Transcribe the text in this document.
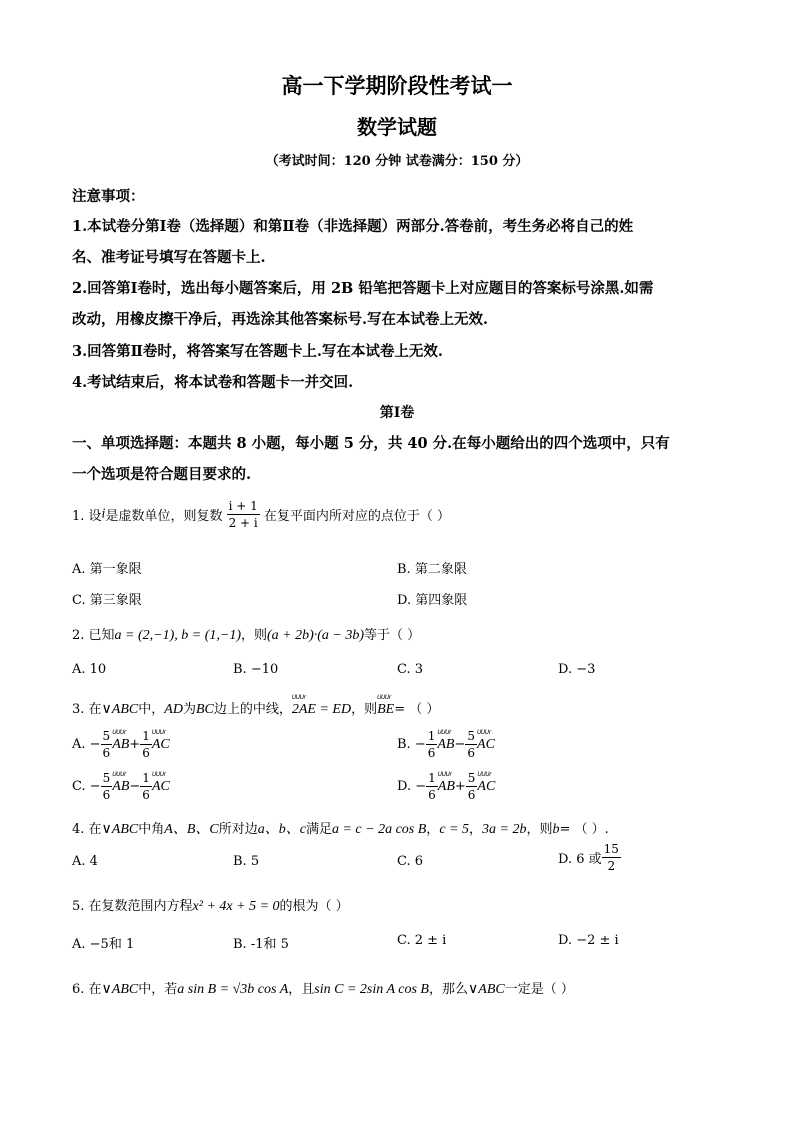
高一下学期阶段性考试一
数学试题
（考试时间：120 分钟 试卷满分：150 分）
注意事项：
1.本试卷分第Ⅰ卷（选择题）和第Ⅱ卷（非选择题）两部分.答卷前，考生务必将自己的姓
名、准考证号填写在答题卡上.
2.回答第Ⅰ卷时，选出每小题答案后，用 2B 铅笔把答题卡上对应题目的答案标号涂黑.如需
改动，用橡皮擦干净后，再选涂其他答案标号.写在本试卷上无效.
3.回答第Ⅱ卷时，将答案写在答题卡上.写在本试卷上无效.
4.考试结束后，将本试卷和答题卡一并交回.
第Ⅰ卷
一、单项选择题：本题共 8 小题，每小题 5 分，共 40 分.在每小题给出的四个选项中，只有
一个选项是符合题目要求的.
1. 设i是虚数单位，则复数 $\frac{i + 1}{2 + i}$ 在复平面内所对应的点位于（ ）
A. 第一象限	B. 第二象限
C. 第三象限	D. 第四象限
2. 已知a = (2,−1), b = (1,−1)，则(a + 2b)·(a − 3b)等于（ ）
A. 10	B. −10	C. 3	D. −3
3. 在∨ABC中，AD为BC边上的中线，UUUr 2AE = ED，则UUUr BE= （ ）
A. − $\frac{5}{6}$ UUUr $AB+ \frac{1}{6}$ UUUr AC	B. − $\frac{1}{6}$ UUUr $AB- \frac{5}{6}$ UUUr AC
C. − $\frac{5}{6}$ UUUr $AB- \frac{1}{6}$ UUUr AC	D. − $\frac{1}{6}$ UUUr $AB+ \frac{5}{6}$ UUUr AC
4. 在∨ABC中角A、B、C所对边a、b、c满足a = c − 2a cos B，c = 5，3a = 2b，则b= （ ）.
A. 4	B. 5	C. 6	D. 6 或 $\frac{15}{2}$
5. 在复数范围内方程x² + 4x + 5 = 0的根为（ ）
A. −5和 1	B. -1和 5	C. 2 ± i	D. −2 ± i
6. 在∨ABC中，若a sin B = √3b cos A，且sin C = 2sin A cos B，那么∨ABC一定是（ ）
